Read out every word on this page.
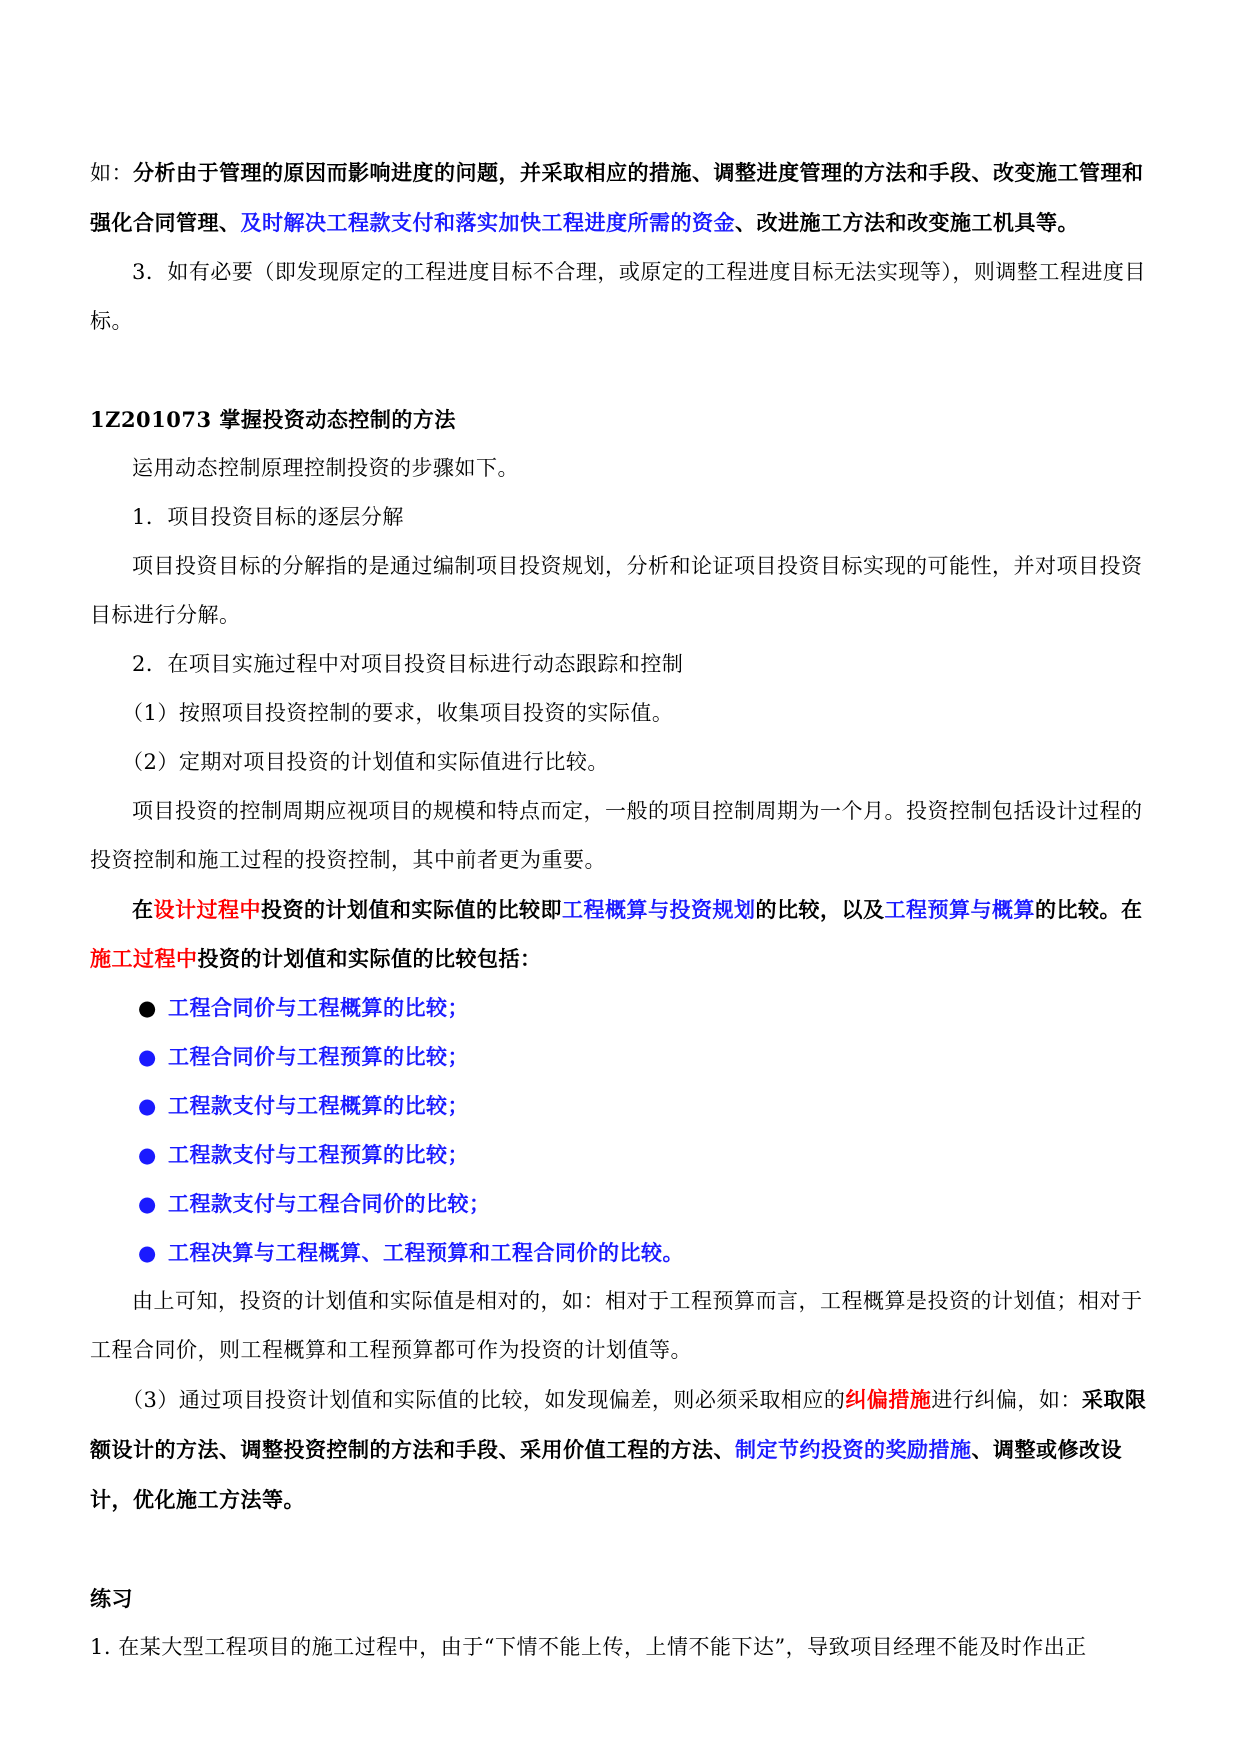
如：分析由于管理的原因而影响进度的问题，并采取相应的措施、调整进度管理的方法和手段、改变施工管理和强化合同管理、及时解决工程款支付和落实加快工程进度所需的资金、改进施工方法和改变施工机具等。

3．如有必要（即发现原定的工程进度目标不合理，或原定的工程进度目标无法实现等），则调整工程进度目标。

1Z201073 掌握投资动态控制的方法

运用动态控制原理控制投资的步骤如下。

1．项目投资目标的逐层分解

项目投资目标的分解指的是通过编制项目投资规划，分析和论证项目投资目标实现的可能性，并对项目投资目标进行分解。

2．在项目实施过程中对项目投资目标进行动态跟踪和控制

（1）按照项目投资控制的要求，收集项目投资的实际值。

（2）定期对项目投资的计划值和实际值进行比较。

项目投资的控制周期应视项目的规模和特点而定，一般的项目控制周期为一个月。投资控制包括设计过程的投资控制和施工过程的投资控制，其中前者更为重要。

在设计过程中投资的计划值和实际值的比较即工程概算与投资规划的比较，以及工程预算与概算的比较。在施工过程中投资的计划值和实际值的比较包括：

● 工程合同价与工程概算的比较；

● 工程合同价与工程预算的比较；

● 工程款支付与工程概算的比较；

● 工程款支付与工程预算的比较；

● 工程款支付与工程合同价的比较；

● 工程决算与工程概算、工程预算和工程合同价的比较。

由上可知，投资的计划值和实际值是相对的，如：相对于工程预算而言，工程概算是投资的计划值；相对于工程合同价，则工程概算和工程预算都可作为投资的计划值等。

（3）通过项目投资计划值和实际值的比较，如发现偏差，则必须采取相应的纠偏措施进行纠偏，如：采取限额设计的方法、调整投资控制的方法和手段、采用价值工程的方法、制定节约投资的奖励措施、调整或修改设计，优化施工方法等。

练习

1. 在某大型工程项目的施工过程中，由于“下情不能上传，上情不能下达”，导致项目经理不能及时作出正
